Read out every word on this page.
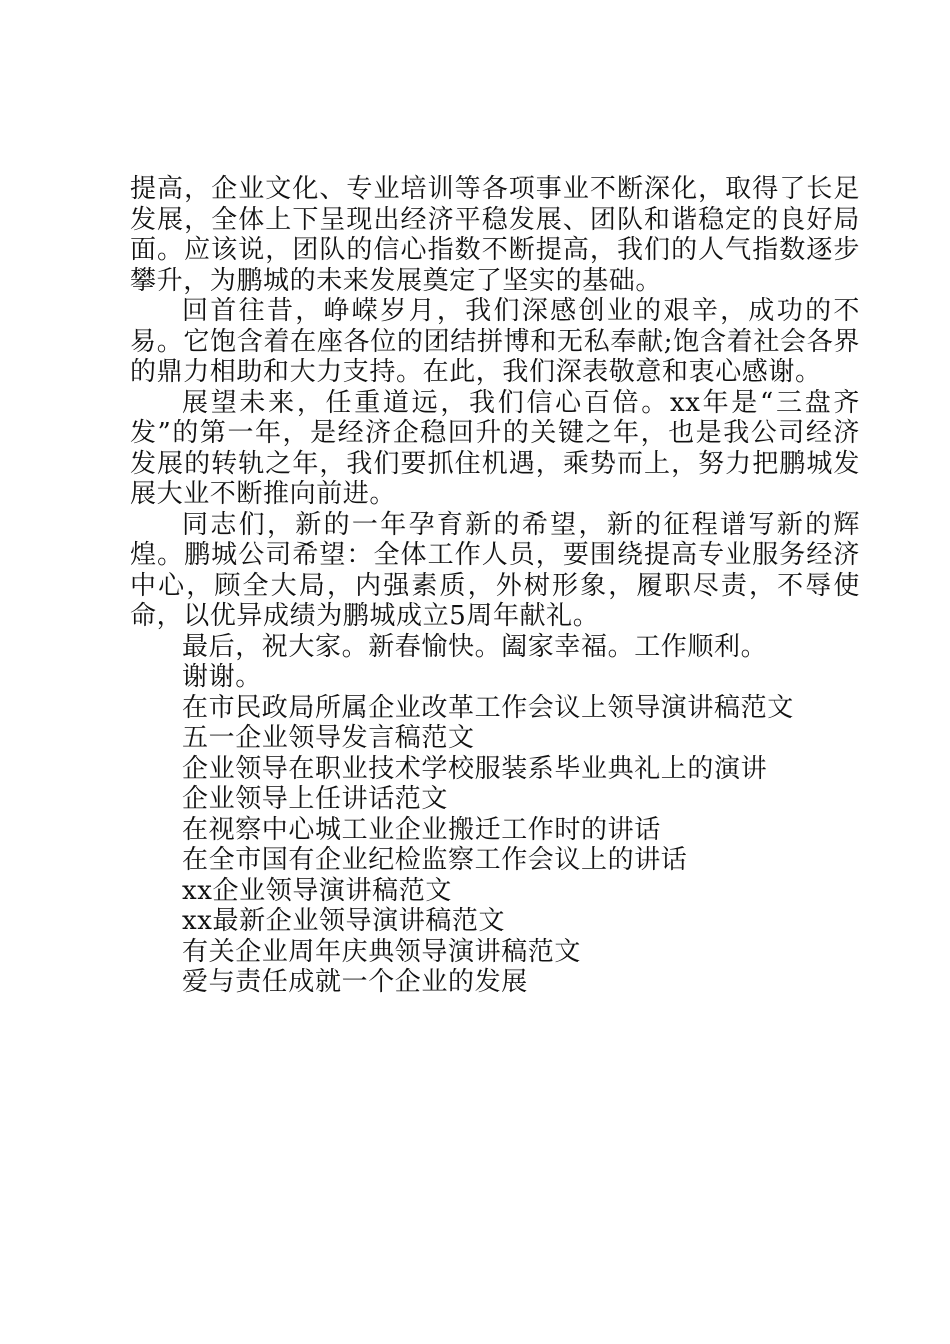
提高，企业文化、专业培训等各项事业不断深化，取得了长足发展，全体上下呈现出经济平稳发展、团队和谐稳定的良好局面。应该说，团队的信心指数不断提高，我们的人气指数逐步攀升，为鹏城的未来发展奠定了坚实的基础。

回首往昔，峥嵘岁月，我们深感创业的艰辛，成功的不易。它饱含着在座各位的团结拼博和无私奉献;饱含着社会各界的鼎力相助和大力支持。在此，我们深表敬意和衷心感谢。

展望未来，任重道远，我们信心百倍。xx年是“三盘齐发”的第一年，是经济企稳回升的关键之年，也是我公司经济发展的转轨之年，我们要抓住机遇，乘势而上，努力把鹏城发展大业不断推向前进。

同志们，新的一年孕育新的希望，新的征程谱写新的辉煌。鹏城公司希望：全体工作人员，要围绕提高专业服务经济中心，顾全大局，内强素质，外树形象，履职尽责，不辱使命，以优异成绩为鹏城成立5周年献礼。

最后，祝大家。新春愉快。阖家幸福。工作顺利。

谢谢。

在市民政局所属企业改革工作会议上领导演讲稿范文

五一企业领导发言稿范文

企业领导在职业技术学校服装系毕业典礼上的演讲

企业领导上任讲话范文

在视察中心城工业企业搬迁工作时的讲话

在全市国有企业纪检监察工作会议上的讲话

xx企业领导演讲稿范文

xx最新企业领导演讲稿范文

有关企业周年庆典领导演讲稿范文

爱与责任成就一个企业的发展
